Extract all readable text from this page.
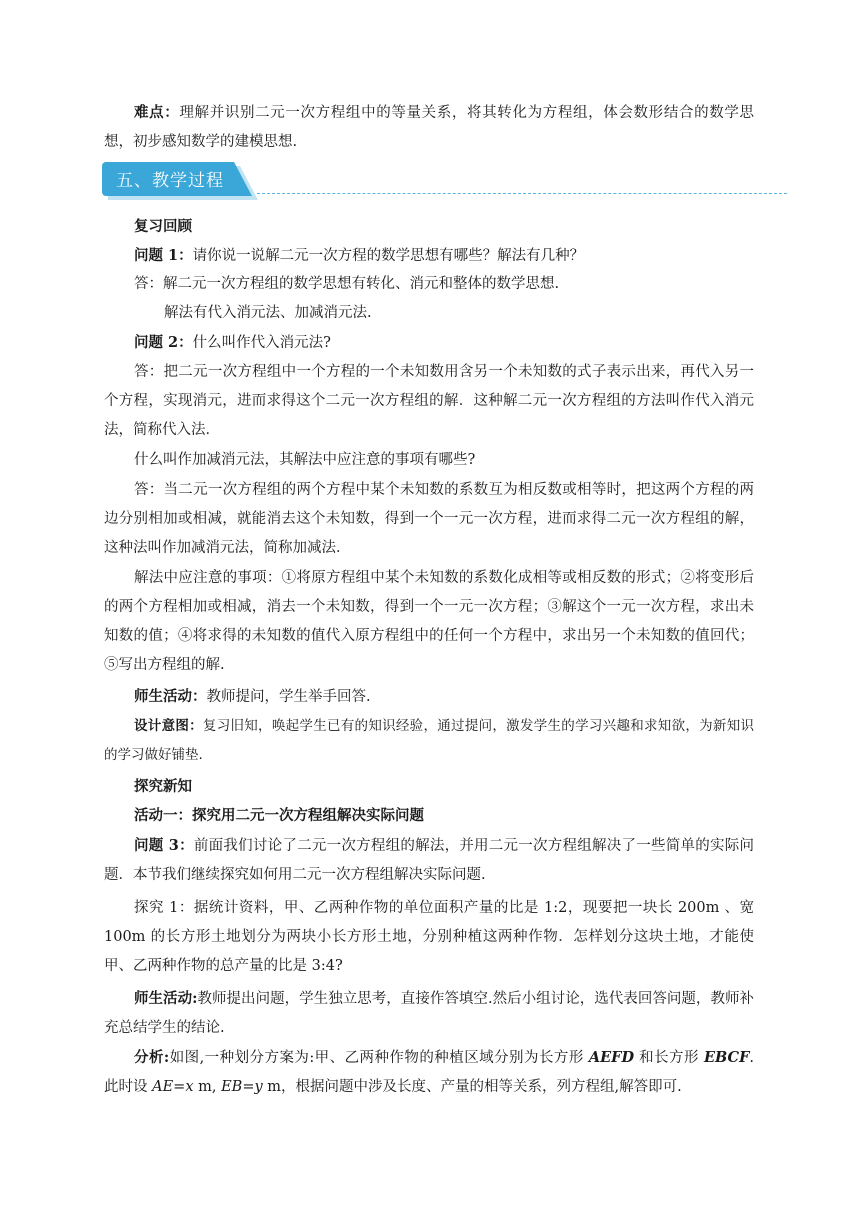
难点：理解并识别二元一次方程组中的等量关系，将其转化为方程组，体会数形结合的数学思想，初步感知数学的建模思想.

五、教学过程

复习回顾

问题 1：请你说一说解二元一次方程的数学思想有哪些？解法有几种？

答：解二元一次方程组的数学思想有转化、消元和整体的数学思想.

解法有代入消元法、加减消元法.

问题 2：什么叫作代入消元法?

答：把二元一次方程组中一个方程的一个未知数用含另一个未知数的式子表示出来，再代入另一个方程，实现消元，进而求得这个二元一次方程组的解．这种解二元一次方程组的方法叫作代入消元法，简称代入法．

什么叫作加减消元法，其解法中应注意的事项有哪些?

答：当二元一次方程组的两个方程中某个未知数的系数互为相反数或相等时，把这两个方程的两边分别相加或相减，就能消去这个未知数，得到一个一元一次方程，进而求得二元一次方程组的解，这种法叫作加减消元法，简称加减法．

解法中应注意的事项：①将原方程组中某个未知数的系数化成相等或相反数的形式；②将变形后的两个方程相加或相减，消去一个未知数，得到一个一元一次方程；③解这个一元一次方程，求出未知数的值；④将求得的未知数的值代入原方程组中的任何一个方程中，求出另一个未知数的值回代；⑤写出方程组的解.

师生活动：教师提问，学生举手回答.

设计意图：复习旧知，唤起学生已有的知识经验，通过提问，激发学生的学习兴趣和求知欲，为新知识的学习做好铺垫.

探究新知

活动一：探究用二元一次方程组解决实际问题

问题 3：前面我们讨论了二元一次方程组的解法，并用二元一次方程组解决了一些简单的实际问题．本节我们继续探究如何用二元一次方程组解决实际问题.

探究 1：据统计资料，甲、乙两种作物的单位面积产量的比是 1:2，现要把一块长 200m 、宽 100m 的长方形土地划分为两块小长方形土地，分别种植这两种作物．怎样划分这块土地，才能使甲、乙两种作物的总产量的比是 3:4?

师生活动:教师提出问题，学生独立思考，直接作答填空.然后小组讨论，选代表回答问题，教师补充总结学生的结论.

分析:如图,一种划分方案为:甲、乙两种作物的种植区域分别为长方形 AEFD 和长方形 EBCF. 此时设 AE=x m, EB=y m，根据问题中涉及长度、产量的相等关系，列方程组,解答即可.
